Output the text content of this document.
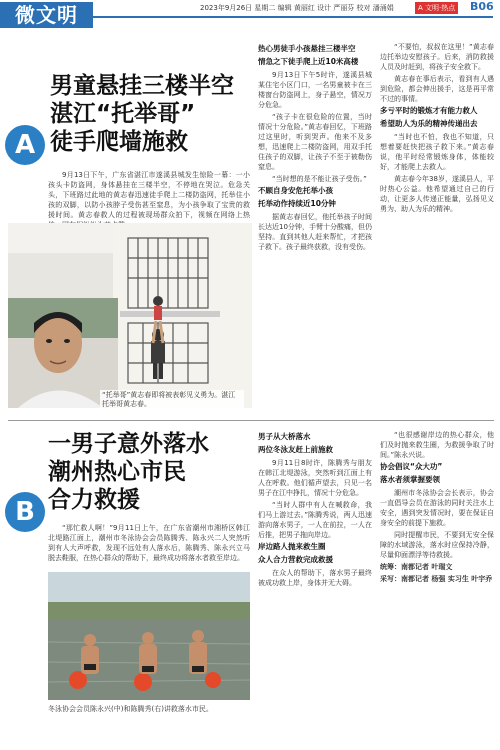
微文明	2023年9月26日 星期二 编辑 黄丽红 设计 严丽芬 校对 潘涌娟	A 文明·热点 B06
男童悬挂三楼半空
湛江“托举哥”
徒手爬墙施救
A

9月13日下午，广东省湛江市遂溪县城发生惊险一幕：一小孩头卡防盗网，身体悬挂在三楼半空，不停地在哭泣。危急关头，下班路过此地的黄志春迅速徒手爬上二楼防盗网，托举住小孩的双脚，以防小孩脖子受伤甚至窒息，为小孩争取了宝贵的救援时间。黄志春救人的过程被现场群众拍下，视频在网络上热

“托举哥”黄志春即将被表彰见义勇为。湛江托举哥黄志春。
热心男徒手小孩悬挂三楼半空
情急之下徒手爬上近10米高楼

9月13日下午5时许，遂溪县城某住宅小区门口，一名男童被卡在三楼窗台防盗网上，身子悬空，情况万分危急。

“孩子卡在很危险的位置，当时情况十分危险。”黄志春回忆，下班路过这里时，听到哭声。他来不及多想，迅速爬上二楼防盗网，用双手托住孩子的双脚，让孩子不至于被勒伤窒息。

“当时想的是不能让孩子受伤。”

不顾自身安危托举小孩
托举动作持续近10分钟

据黄志春回忆，他托举孩子时间长达近10分钟，手臂十分酸痛，但仍坚持。直到其他人赶来帮忙，才把孩子救下。孩子最终获救，没有受伤。

“不要怕，叔叔在这里！”黄志春边托举边安慰孩子。后来，消防救援人员及时赶到，将孩子安全救下。

黄志春在事后表示，看到有人遇到危险，都会伸出援手，这是再平常不过的事情。

多亏平时的锻炼才有能力救人
希望助人为乐的精神传递出去

“当时也不怕，我也不知道，只想着要赶快把孩子救下来。”黄志春说，他平时经常锻炼身体，体能较好，才能爬上去救人。

黄志春今年38岁，遂溪县人，平时热心公益。他希望通过自己的行动，让更多人传递正能量，弘扬见义勇为、助人为乐的精神。

一男子意外落水
潮州热心市民
合力救援
B

“那忙救人啊！”9月11日上午，在广东省潮州市湘桥区韩江北堤路江面上，潮州市冬泳协会会员陈腾秀、陈永兴二人突然听到有人大声呼救，发现不远处有人落水后，陈腾秀、陈永兴立马脱去鞋服，在热心群众的帮助下，最终成功将落水者救至岸边。

冬泳协会会员陈永兴(中)和陈腾秀(右)讲救落水市民。
男子从大桥落水
两位冬泳友赶上前施救

9月11日8时许，陈腾秀与朋友在韩江北堤游泳，突然听到江面上有人在呼救。他们循声望去，只见一名男子在江中挣扎，情况十分危急。

“当时人群中有人在喊救命，我们马上游过去。”陈腾秀说，两人迅速游向落水男子，一人在前拉，一人在后推，把男子拖向岸边。

岸边路人抛来救生圈
众人合力营救完成救援

在众人的帮助下，落水男子最终被成功救上岸，身体并无大碍。

“也很感谢岸边的热心群众，他们及时抛来救生圈，为救援争取了时间。”陈永兴说。

协会倡议“众大功”
落水者须掌握要领

潮州市冬泳协会会长表示，协会一直倡导会员在游泳的同时关注水上安全，遇到突发情况时，要在保证自身安全的前提下施救。

同时提醒市民，不要到无安全保障的水域游泳，落水时应保持冷静，尽量仰面漂浮等待救援。

统筹：南都记者 叶瑞文

采写：南都记者 杨强 实习生 叶宇乔
